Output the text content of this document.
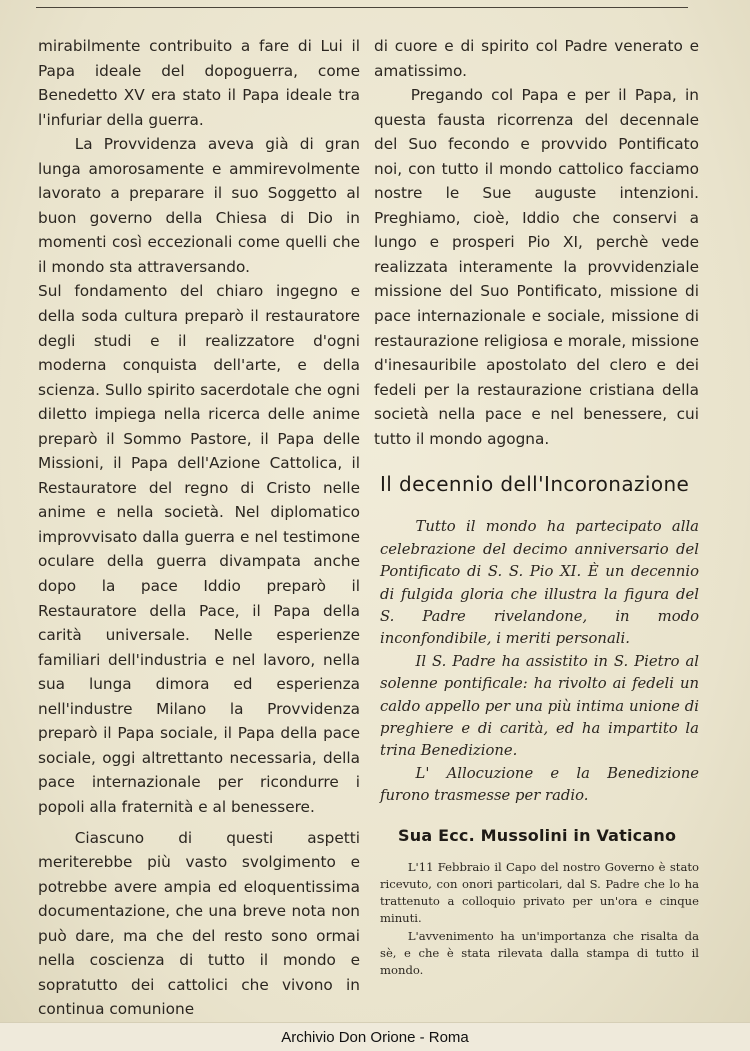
mirabilmente contribuito a fare di Lui il Papa ideale del dopoguerra, come Benedetto XV era stato il Papa ideale tra l'infuriar della guerra.

La Provvidenza aveva già di gran lunga amorosamente e ammirevolmente lavorato a preparare il suo Soggetto al buon governo della Chiesa di Dio in momenti così eccezionali come quelli che il mondo sta attraversando.

Sul fondamento del chiaro ingegno e della soda cultura preparò il restauratore degli studi e il realizzatore d'ogni moderna conquista dell'arte, e della scienza. Sullo spirito sacerdotale che ogni diletto impiega nella ricerca delle anime preparò il Sommo Pastore, il Papa delle Missioni, il Papa dell'Azione Cattolica, il Restauratore del regno di Cristo nelle anime e nella società. Nel diplomatico improvvisato dalla guerra e nel testimone oculare della guerra divampata anche dopo la pace Iddio preparò il Restauratore della Pace, il Papa della carità universale. Nelle esperienze familiari dell'industria e nel lavoro, nella sua lunga dimora ed esperienza nell'industre Milano la Provvidenza preparò il Papa sociale, il Papa della pace sociale, oggi altrettanto necessaria, della pace internazionale per ricondurre i popoli alla fraternità e al benessere.

Ciascuno di questi aspetti meriterebbe più vasto svolgimento e potrebbe avere ampia ed eloquentissima documentazione, che una breve nota non può dare, ma che del resto sono ormai nella coscienza di tutto il mondo e sopratutto dei cattolici che vivono in continua comunione

di cuore e di spirito col Padre venerato e amatissimo.

Pregando col Papa e per il Papa, in questa fausta ricorrenza del decennale del Suo fecondo e provvido Pontificato noi, con tutto il mondo cattolico facciamo nostre le Sue auguste intenzioni. Preghiamo, cioè, Iddio che conservi a lungo e prosperi Pio XI, perchè vede realizzata interamente la provvidenziale missione del Suo Pontificato, missione di pace internazionale e sociale, missione di restaurazione religiosa e morale, missione d'inesauribile apostolato del clero e dei fedeli per la restaurazione cristiana della società nella pace e nel benessere, cui tutto il mondo agogna.

Il decennio dell'Incoronazione

Tutto il mondo ha partecipato alla celebrazione del decimo anniversario del Pontificato di S. S. Pio XI. È un decennio di fulgida gloria che illustra la figura del S. Padre rivelandone, in modo inconfondibile, i meriti personali.

Il S. Padre ha assistito in S. Pietro al solenne pontificale: ha rivolto ai fedeli un caldo appello per una più intima unione di preghiere e di carità, ed ha impartito la trina Benedizione.

L' Allocuzione e la Benedizione furono trasmesse per radio.

Sua Ecc. Mussolini in Vaticano

L'11 Febbraio il Capo del nostro Governo è stato ricevuto, con onori particolari, dal S. Padre che lo ha trattenuto a colloquio privato per un'ora e cinque minuti.

L'avvenimento ha un'importanza che risalta da sè, e che è stata rilevata dalla stampa di tutto il mondo.

Archivio Don Orione - Roma
